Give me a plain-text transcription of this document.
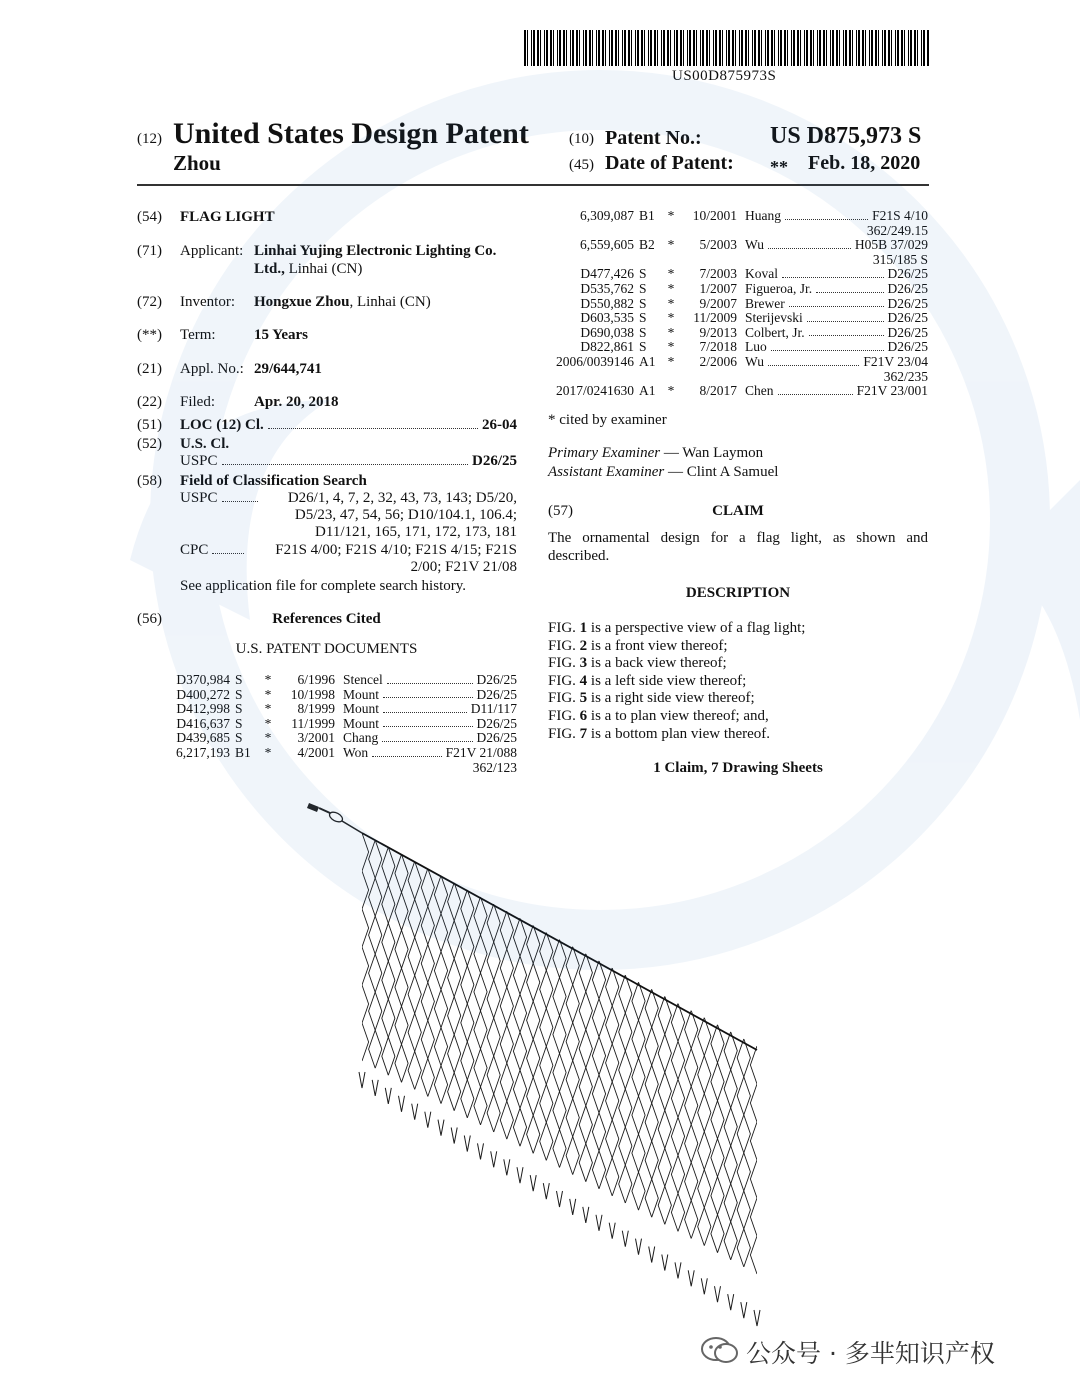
US00D875973S
(12) United States Design Patent
Zhou
(10) Patent No.:	US D875,973 S
(45) Date of Patent: ** Feb. 18, 2020
(54) FLAG LIGHT
(71) Applicant: Linhai Yujing Electronic Lighting Co.
Ltd., Linhai (CN)
(72) Inventor: Hongxue Zhou, Linhai (CN)
(**) Term:	15 Years
(21) Appl. No.: 29/644,741
(22) Filed:	Apr. 20, 2018
(51) LOC (12) Cl.	26-04
(52) U.S. Cl.
USPC	D26/25
(58) Field of Classification Search
USPC	D26/1, 4, 7, 2, 32, 43, 73, 143; D5/20,
D5/23, 47, 54, 56; D10/104.1, 106.4;
D11/121, 165, 171, 172, 173, 181
CPC	F21S 4/00; F21S 4/10; F21S 4/15; F21S
2/00; F21V 21/08
See application file for complete search history.
(56)	References Cited
U.S. PATENT DOCUMENTS
D370,984 S	*	6/1996 Stencel	D26/25
D400,272 S	*	10/1998 Mount	D26/25
D412,998 S	*	8/1999 Mount	D11/117
D416,637 S	*	11/1999 Mount	D26/25
D439,685 S	*	3/2001 Chang	D26/25
6,217,193 B1	*	4/2001 Won	F21V 21/088
362/123
6,309,087 B1 *	10/2001 Huang	F21S 4/10
362/249.15
6,559,605 B2 *	5/2003 Wu	H05B 37/029
315/185 S
D477,426 S	*	7/2003 Koval	D26/25
D535,762 S	*	1/2007 Figueroa, Jr.	D26/25
D550,882 S	*	9/2007 Brewer	D26/25
D603,535 S	*	11/2009 Sterijevski	D26/25
D690,038 S	*	9/2013 Colbert, Jr.	D26/25
D822,861 S	*	7/2018 Luo	D26/25
2006/0039146 A1 *	2/2006 Wu	F21V 23/04
362/235
2017/0241630 A1 *	8/2017 Chen	F21V 23/001
* cited by examiner
Primary Examiner — Wan Laymon
Assistant Examiner — Clint A Samuel
(57)	CLAIM
The ornamental design for a flag light, as shown and described.
DESCRIPTION
FIG. 1 is a perspective view of a flag light;
FIG. 2 is a front view thereof;
FIG. 3 is a back view thereof;
FIG. 4 is a left side view thereof;
FIG. 5 is a right side view thereof;
FIG. 6 is a to plan view thereof; and,
FIG. 7 is a bottom plan view thereof.
1 Claim, 7 Drawing Sheets
公众号 · 多芈知识产权
